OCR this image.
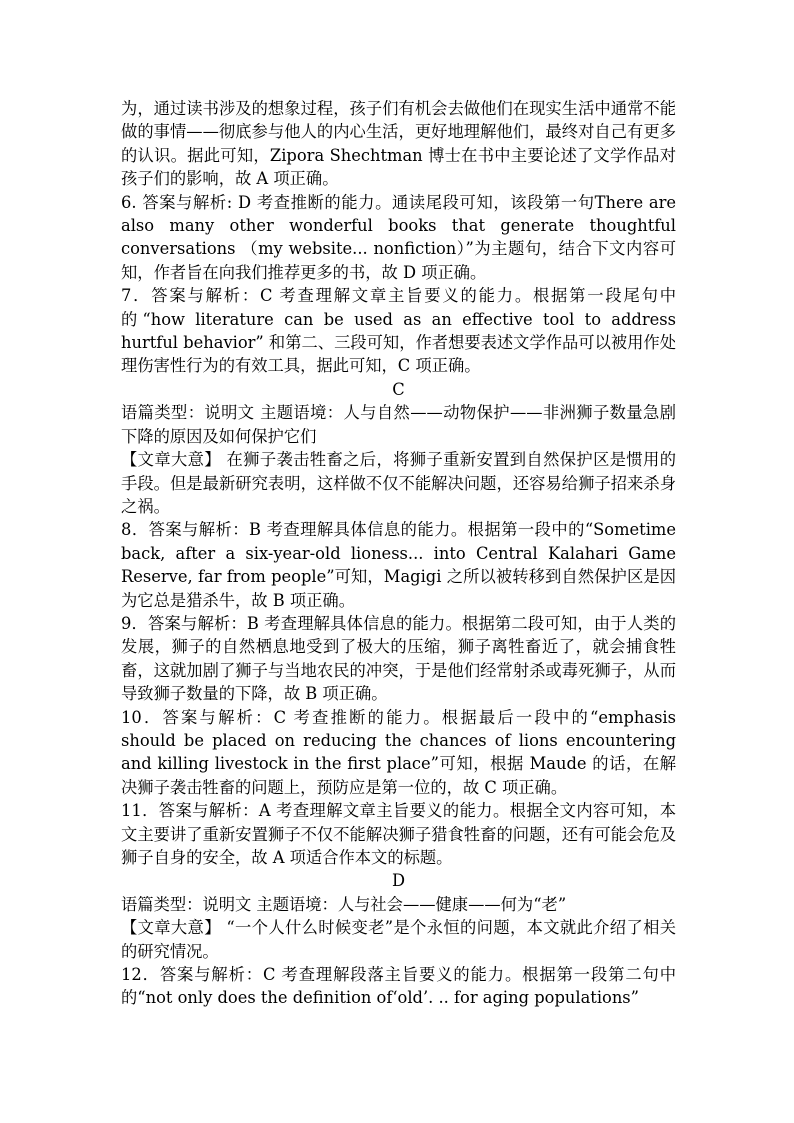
为，通过读书涉及的想象过程，孩子们有机会去做他们在现实生活中通常不能做的事情——彻底参与他人的内心生活，更好地理解他们，最终对自己有更多的认识。据此可知，Zipora Shechtman 博士在书中主要论述了文学作品对孩子们的影响，故 A 项正确。

6. 答案与解析: D 考查推断的能力。通读尾段可知，该段第一句There are also many other wonderful books that generate thoughtful conversations （my website... nonfiction）”为主题句，结合下文内容可知，作者旨在向我们推荐更多的书，故 D 项正确。

7．答案与解析：C 考查理解文章主旨要义的能力。根据第一段尾句中的“how literature can be used as an effective tool to address hurtful behavior” 和第二、三段可知，作者想要表述文学作品可以被用作处理伤害性行为的有效工具，据此可知，C 项正确。

C

语篇类型：说明文 主题语境：人与自然——动物保护——非洲狮子数量急剧下降的原因及如何保护它们

【文章大意】 在狮子袭击牲畜之后，将狮子重新安置到自然保护区是惯用的手段。但是最新研究表明，这样做不仅不能解决问题，还容易给狮子招来杀身之祸。

8．答案与解析：B 考查理解具体信息的能力。根据第一段中的“Sometime back, after a six-year-old lioness... into Central Kalahari Game Reserve, far from people”可知，Magigi 之所以被转移到自然保护区是因为它总是猎杀牛，故 B 项正确。

9．答案与解析：B 考查理解具体信息的能力。根据第二段可知，由于人类的发展，狮子的自然栖息地受到了极大的压缩，狮子离牲畜近了，就会捕食牲畜，这就加剧了狮子与当地农民的冲突，于是他们经常射杀或毒死狮子，从而导致狮子数量的下降，故 B 项正确。

10．答案与解析：C 考查推断的能力。根据最后一段中的“emphasis should be placed on reducing the chances of lions encountering and killing livestock in the first place”可知，根据 Maude 的话，在解决狮子袭击牲畜的问题上，预防应是第一位的，故 C 项正确。

11．答案与解析：A 考查理解文章主旨要义的能力。根据全文内容可知，本文主要讲了重新安置狮子不仅不能解决狮子猎食牲畜的问题，还有可能会危及狮子自身的安全，故 A 项适合作本文的标题。

D

语篇类型：说明文 主题语境：人与社会——健康——何为“老”

【文章大意】 “一个人什么时候变老”是个永恒的问题，本文就此介绍了相关的研究情况。

12．答案与解析：C 考查理解段落主旨要义的能力。根据第一段第二句中的“not only does the definition of‘old’. .. for aging populations”
